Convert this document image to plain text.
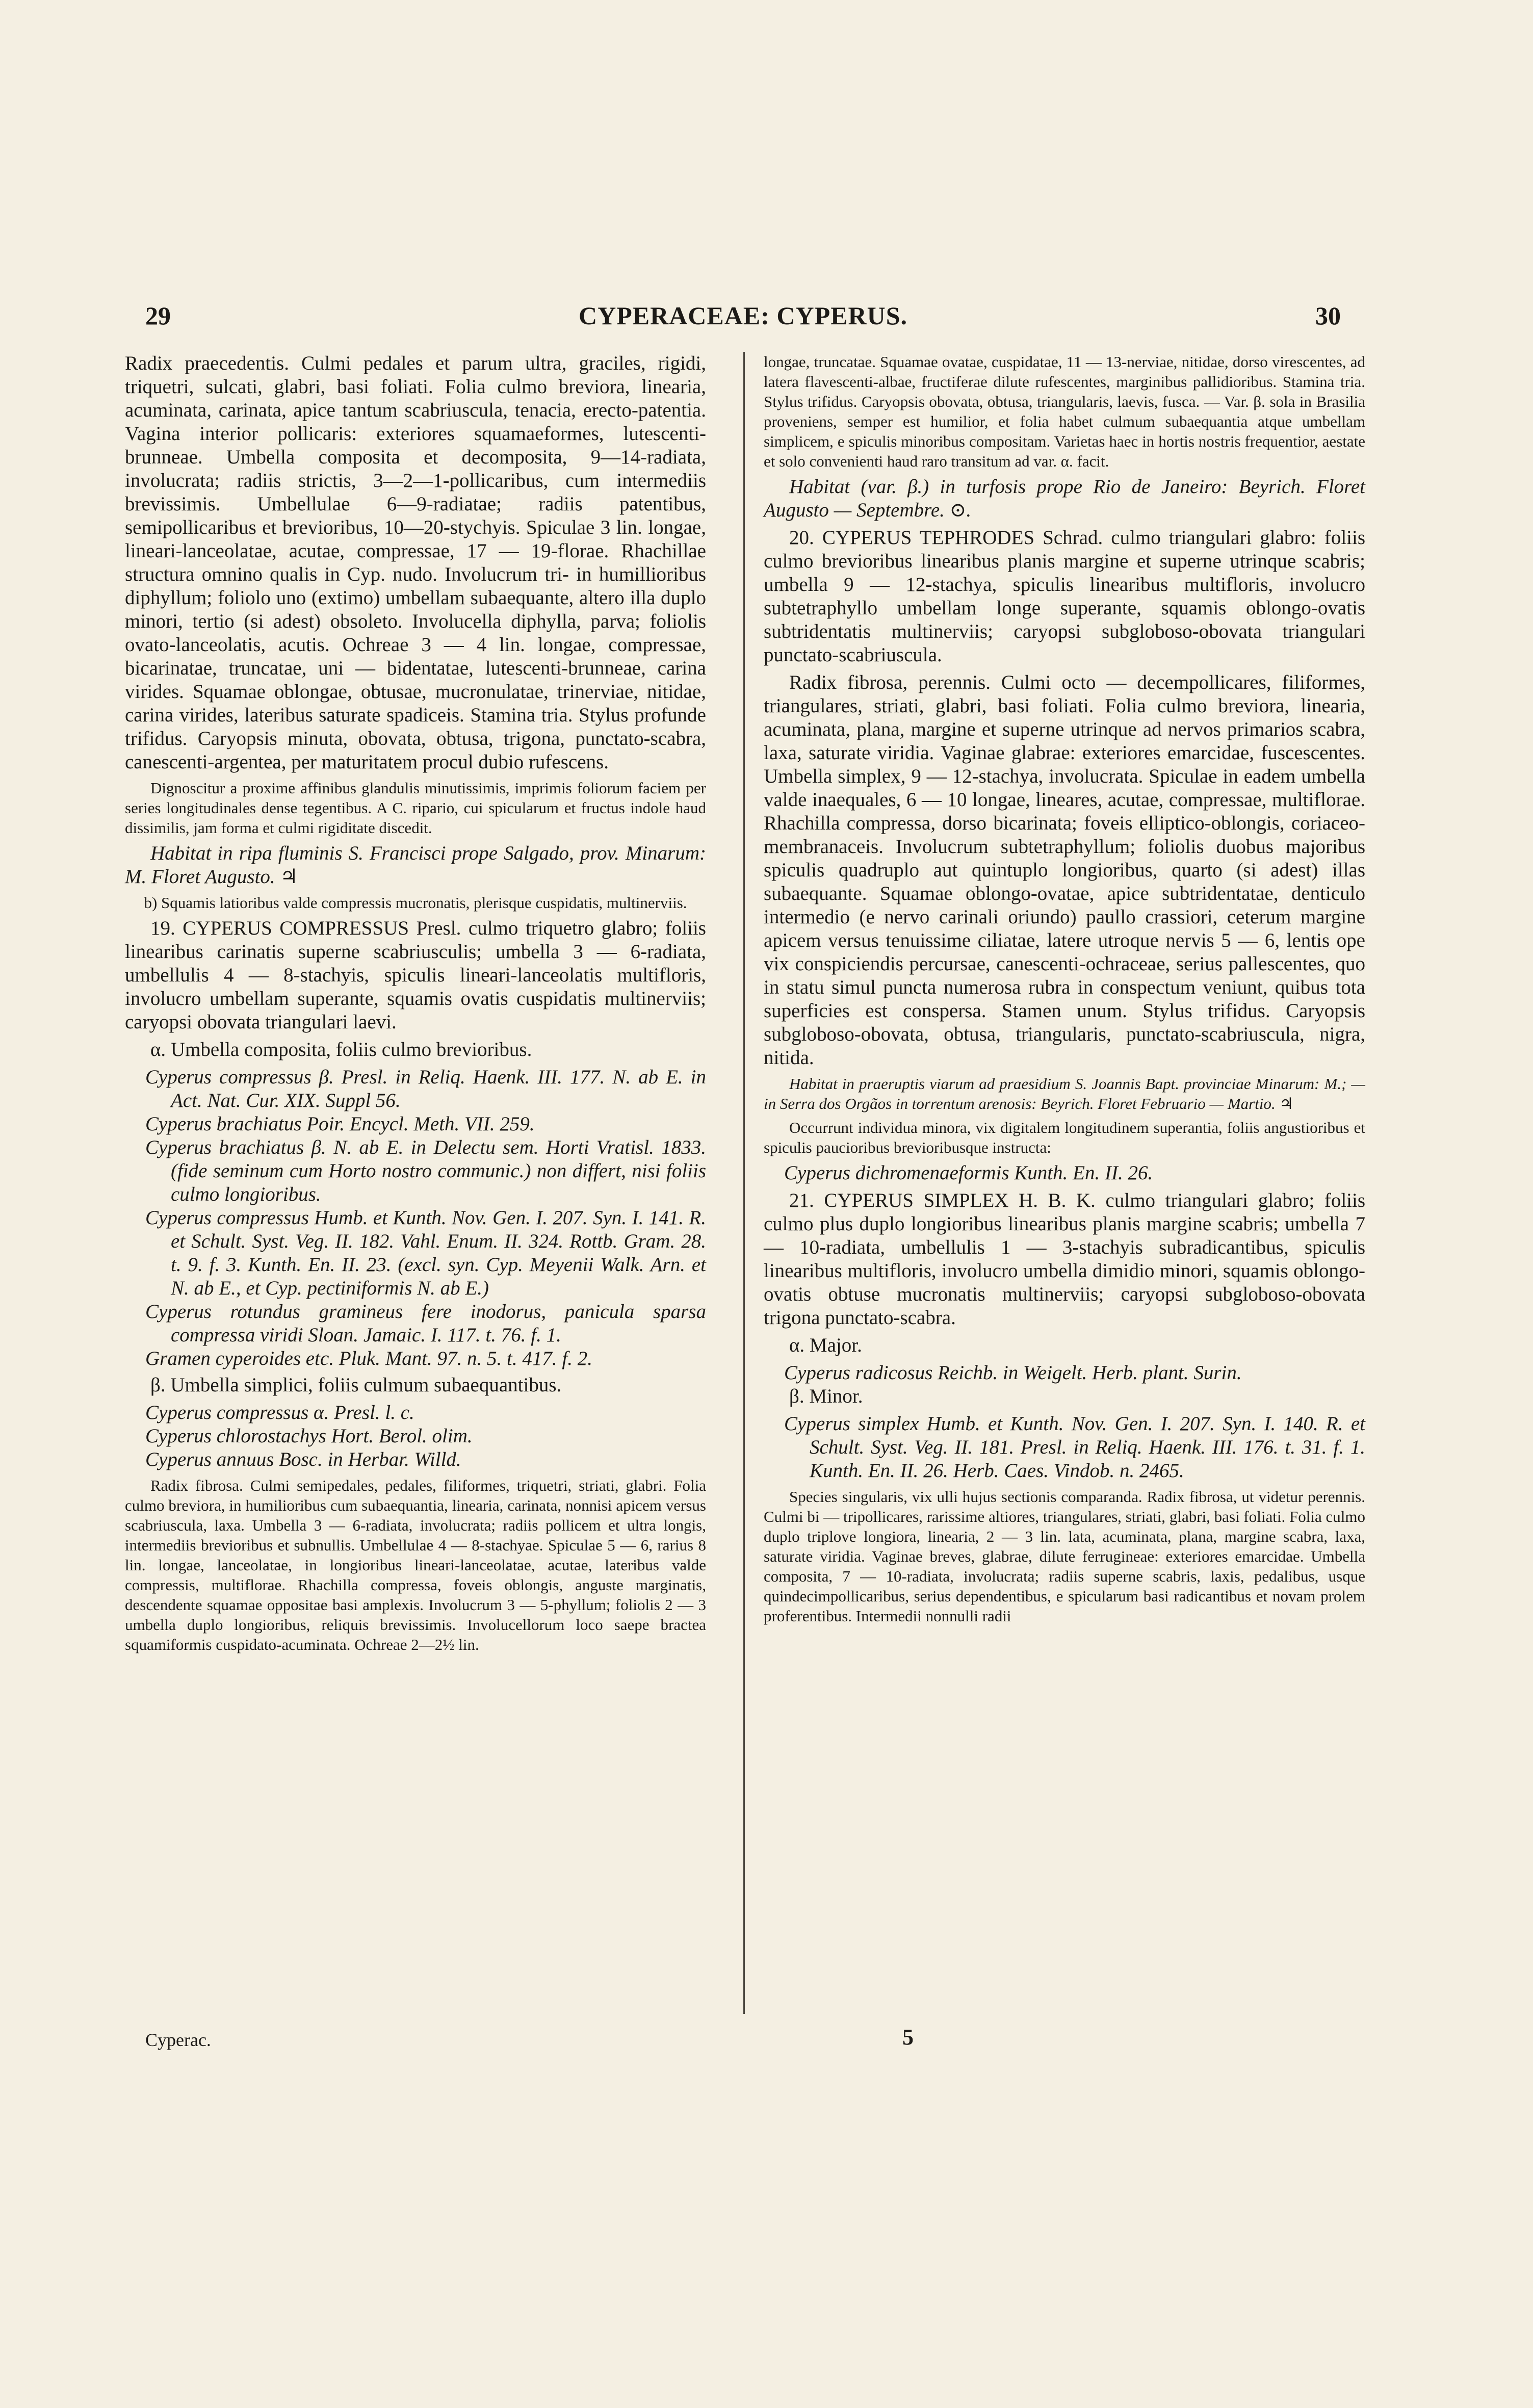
29	CYPERACEAE: CYPERUS.	30

Radix praecedentis. Culmi pedales et parum ultra, graciles, rigidi, triquetri, sulcati, glabri, basi foliati. Folia culmo breviora, linearia, acuminata, carinata, apice tantum scabriuscula, tenacia, erecto-patentia. Vagina interior pollicaris: exteriores squamaeformes, lutescenti-brunneae. Umbella composita et decomposita, 9—14-radiata, involucrata; radiis strictis, 3—2—1-pollicaribus, cum intermediis brevissimis. Umbellulae 6—9-radiatae; radiis patentibus, semipollicaribus et brevioribus, 10—20-stychyis. Spiculae 3 lin. longae, lineari-lanceolatae, acutae, compressae, 17 — 19-florae. Rhachillae structura omnino qualis in Cyp. nudo. Involucrum tri- in humillioribus diphyllum; foliolo uno (extimo) umbellam subaequante, altero illa duplo minori, tertio (si adest) obsoleto. Involucella diphylla, parva; foliolis ovato-lanceolatis, acutis. Ochreae 3 — 4 lin. longae, compressae, bicarinatae, truncatae, uni — bidentatae, lutescenti-brunneae, carina virides. Squamae oblongae, obtusae, mucronulatae, trinerviae, nitidae, carina virides, lateribus saturate spadiceis. Stamina tria. Stylus profunde trifidus. Caryopsis minuta, obovata, obtusa, trigona, punctato-scabra, canescenti-argentea, per maturitatem procul dubio rufescens.

Dignoscitur a proxime affinibus glandulis minutissimis, imprimis foliorum faciem per series longitudinales dense tegentibus. A C. ripario, cui spicularum et fructus indole haud dissimilis, jam forma et culmi rigiditate discedit.

Habitat in ripa fluminis S. Francisci prope Salgado, prov. Minarum: M. Floret Augusto. ♃

b) Squamis latioribus valde compressis mucronatis, plerisque cuspidatis, multinerviis.

19. CYPERUS COMPRESSUS Presl. culmo triquetro glabro; foliis linearibus carinatis superne scabriusculis; umbella 3 — 6-radiata, umbellulis 4 — 8-stachyis, spiculis lineari-lanceolatis multifloris, involucro umbellam superante, squamis ovatis cuspidatis multinerviis; caryopsi obovata triangulari laevi.

α. Umbella composita, foliis culmo brevioribus.

Cyperus compressus β. Presl. in Reliq. Haenk. III. 177. N. ab E. in Act. Nat. Cur. XIX. Suppl 56.

Cyperus brachiatus Poir. Encycl. Meth. VII. 259.

Cyperus brachiatus β. N. ab E. in Delectu sem. Horti Vratisl. 1833. (fide seminum cum Horto nostro communic.) non differt, nisi foliis culmo longioribus.

Cyperus compressus Humb. et Kunth. Nov. Gen. I. 207. Syn. I. 141. R. et Schult. Syst. Veg. II. 182. Vahl. Enum. II. 324. Rottb. Gram. 28. t. 9. f. 3. Kunth. En. II. 23. (excl. syn. Cyp. Meyenii Walk. Arn. et N. ab E., et Cyp. pectiniformis N. ab E.)

Cyperus rotundus gramineus fere inodorus, panicula sparsa compressa viridi Sloan. Jamaic. I. 117. t. 76. f. 1.

Gramen cyperoides etc. Pluk. Mant. 97. n. 5. t. 417. f. 2.

β. Umbella simplici, foliis culmum subaequantibus.

Cyperus compressus α. Presl. l. c.

Cyperus chlorostachys Hort. Berol. olim.

Cyperus annuus Bosc. in Herbar. Willd.

Radix fibrosa. Culmi semipedales, pedales, filiformes, triquetri, striati, glabri. Folia culmo breviora, in humilioribus cum subaequantia, linearia, carinata, nonnisi apicem versus scabriuscula, laxa. Umbella 3 — 6-radiata, involucrata; radiis pollicem et ultra longis, intermediis brevioribus et subnullis. Umbellulae 4 — 8-stachyae. Spiculae 5 — 6, rarius 8 lin. longae, lanceolatae, in longioribus lineari-lanceolatae, acutae, lateribus valde compressis, multiflorae. Rhachilla compressa, foveis oblongis, anguste marginatis, descendente squamae oppositae basi amplexis. Involucrum 3 — 5-phyllum; foliolis 2 — 3 umbella duplo longioribus, reliquis brevissimis. Involucellorum loco saepe bractea squamiformis cuspidato-acuminata. Ochreae 2—2½ lin.

longae, truncatae. Squamae ovatae, cuspidatae, 11 — 13-nerviae, nitidae, dorso virescentes, ad latera flavescenti-albae, fructiferae dilute rufescentes, marginibus pallidioribus. Stamina tria. Stylus trifidus. Caryopsis obovata, obtusa, triangularis, laevis, fusca. — Var. β. sola in Brasilia proveniens, semper est humilior, et folia habet culmum subaequantia atque umbellam simplicem, e spiculis minoribus compositam. Varietas haec in hortis nostris frequentior, aestate et solo convenienti haud raro transitum ad var. α. facit.

Habitat (var. β.) in turfosis prope Rio de Janeiro: Beyrich. Floret Augusto — Septembre. ⊙.

20. CYPERUS TEPHRODES Schrad. culmo triangulari glabro: foliis culmo brevioribus linearibus planis margine et superne utrinque scabris; umbella 9 — 12-stachya, spiculis linearibus multifloris, involucro subtetraphyllo umbellam longe superante, squamis oblongo-ovatis subtridentatis multinerviis; caryopsi subgloboso-obovata triangulari punctato-scabriuscula.

Radix fibrosa, perennis. Culmi octo — decempollicares, filiformes, triangulares, striati, glabri, basi foliati. Folia culmo breviora, linearia, acuminata, plana, margine et superne utrinque ad nervos primarios scabra, laxa, saturate viridia. Vaginae glabrae: exteriores emarcidae, fuscescentes. Umbella simplex, 9 — 12-stachya, involucrata. Spiculae in eadem umbella valde inaequales, 6 — 10 longae, lineares, acutae, compressae, multiflorae. Rhachilla compressa, dorso bicarinata; foveis elliptico-oblongis, coriaceo-membranaceis. Involucrum subtetraphyllum; foliolis duobus majoribus spiculis quadruplo aut quintuplo longioribus, quarto (si adest) illas subaequante. Squamae oblongo-ovatae, apice subtridentatae, denticulo intermedio (e nervo carinali oriundo) paullo crassiori, ceterum margine apicem versus tenuissime ciliatae, latere utroque nervis 5 — 6, lentis ope vix conspiciendis percursae, canescenti-ochraceae, serius pallescentes, quo in statu simul puncta numerosa rubra in conspectum veniunt, quibus tota superficies est conspersa. Stamen unum. Stylus trifidus. Caryopsis subgloboso-obovata, obtusa, triangularis, punctato-scabriuscula, nigra, nitida.

Habitat in praeruptis viarum ad praesidium S. Joannis Bapt. provinciae Minarum: M.; — in Serra dos Orgãos in torrentum arenosis: Beyrich. Floret Februario — Martio. ♃

Occurrunt individua minora, vix digitalem longitudinem superantia, foliis angustioribus et spiculis paucioribus brevioribusque instructa:

Cyperus dichromenaeformis Kunth. En. II. 26.

21. CYPERUS SIMPLEX H. B. K. culmo triangulari glabro; foliis culmo plus duplo longioribus linearibus planis margine scabris; umbella 7 — 10-radiata, umbellulis 1 — 3-stachyis subradicantibus, spiculis linearibus multifloris, involucro umbella dimidio minori, squamis oblongo-ovatis obtuse mucronatis multinerviis; caryopsi subgloboso-obovata trigona punctato-scabra.

α. Major.

Cyperus radicosus Reichb. in Weigelt. Herb. plant. Surin.

β. Minor.

Cyperus simplex Humb. et Kunth. Nov. Gen. I. 207. Syn. I. 140. R. et Schult. Syst. Veg. II. 181. Presl. in Reliq. Haenk. III. 176. t. 31. f. 1. Kunth. En. II. 26. Herb. Caes. Vindob. n. 2465.

Species singularis, vix ulli hujus sectionis comparanda. Radix fibrosa, ut videtur perennis. Culmi bi — tripollicares, rarissime altiores, triangulares, striati, glabri, basi foliati. Folia culmo duplo triplove longiora, linearia, 2 — 3 lin. lata, acuminata, plana, margine scabra, laxa, saturate viridia. Vaginae breves, glabrae, dilute ferrugineae: exteriores emarcidae. Umbella composita, 7 — 10-radiata, involucrata; radiis superne scabris, laxis, pedalibus, usque quindecimpollicaribus, serius dependentibus, e spicularum basi radicantibus et novam prolem proferentibus. Intermedii nonnulli radii

Cyperac.	5
